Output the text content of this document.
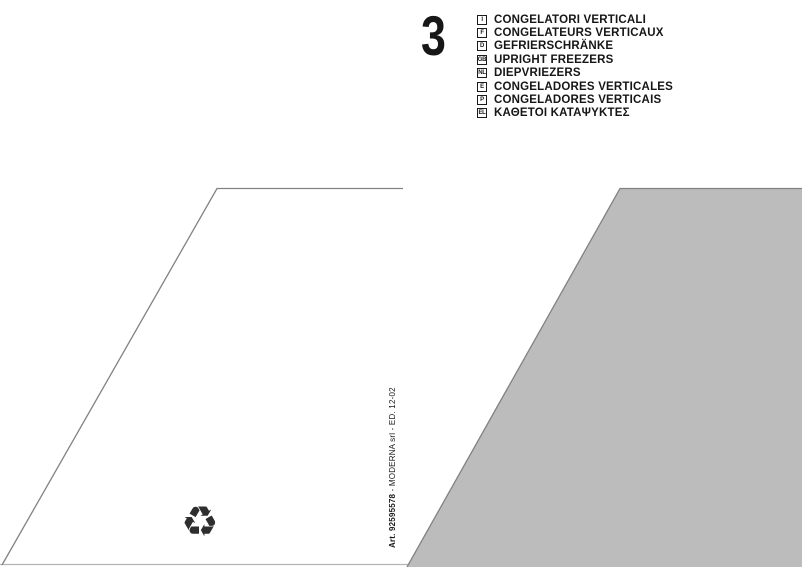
3	I CONGELATORI VERTICALI
F CONGELATEURS VERTICAUX
D GEFRIERSCHRÄNKE
GB UPRIGHT FREEZERS
NL DIEPVRIEZERS
E CONGELADORES VERTICALES
P CONGELADORES VERTICAIS
EL ΚΑΘΕΤΟΙ ΚΑΤΑΨΥΚΤΕΣ
Art. 92595578 - MODERNA srl - ED. 12-02
♻
